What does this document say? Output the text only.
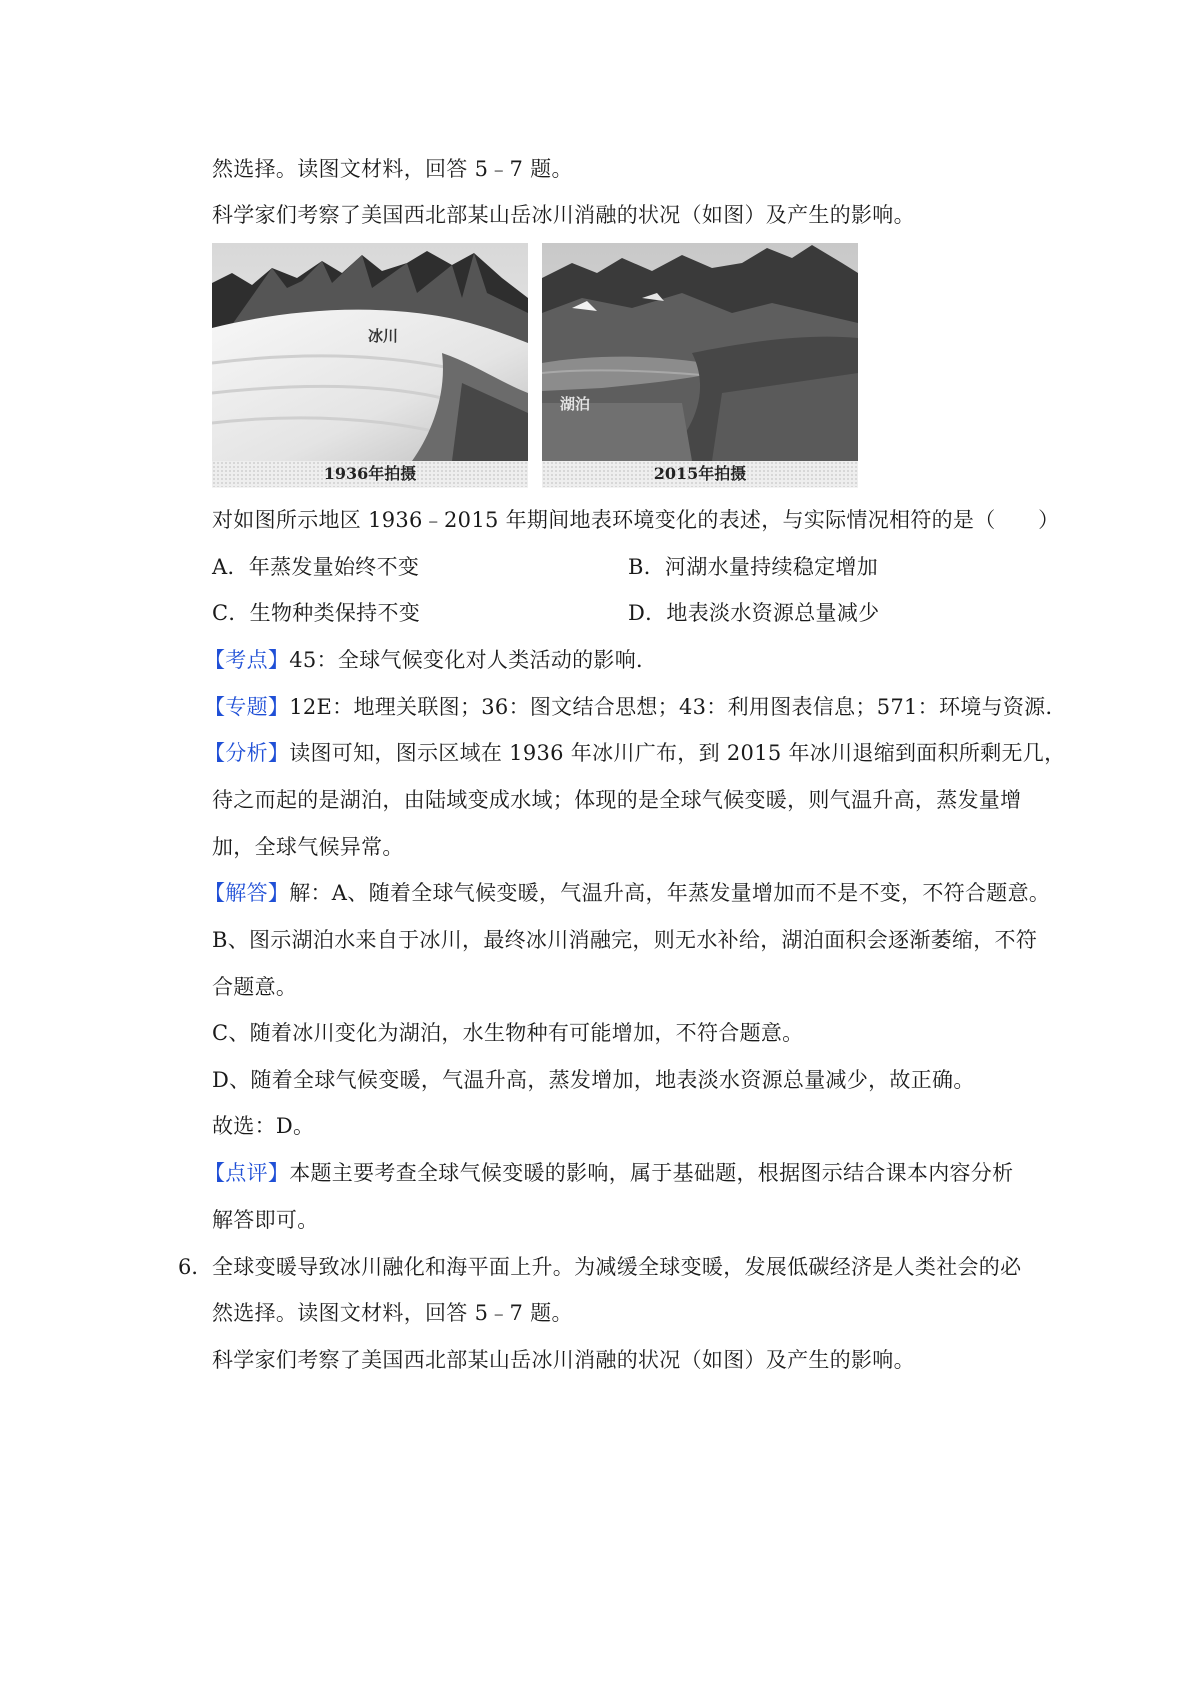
然选择。读图文材料，回答 5﹣7 题。
科学家们考察了美国西北部某山岳冰川消融的状况（如图）及产生的影响。
冰川
1936年拍摄
湖泊
2015年拍摄
对如图所示地区 1936﹣2015 年期间地表环境变化的表述，与实际情况相符的是（　　）
A．年蒸发量始终不变	B．河湖水量持续稳定增加
C．生物种类保持不变	D．地表淡水资源总量减少
【考点】45：全球气候变化对人类活动的影响．
【专题】12E：地理关联图；36：图文结合思想；43：利用图表信息；571：环境与资源．
【分析】读图可知，图示区域在 1936 年冰川广布，到 2015 年冰川退缩到面积所剩无几，
待之而起的是湖泊，由陆域变成水域；体现的是全球气候变暖，则气温升高，蒸发量增
加，全球气候异常。
【解答】解：A、随着全球气候变暖，气温升高，年蒸发量增加而不是不变，不符合题意。
B、图示湖泊水来自于冰川，最终冰川消融完，则无水补给，湖泊面积会逐渐萎缩，不符
合题意。
C、随着冰川变化为湖泊，水生物种有可能增加，不符合题意。
D、随着全球气候变暖，气温升高，蒸发增加，地表淡水资源总量减少，故正确。
故选：D。
【点评】本题主要考查全球气候变暖的影响，属于基础题，根据图示结合课本内容分析
解答即可。
6． 全球变暖导致冰川融化和海平面上升。为减缓全球变暖，发展低碳经济是人类社会的必
然选择。读图文材料，回答 5﹣7 题。
科学家们考察了美国西北部某山岳冰川消融的状况（如图）及产生的影响。
